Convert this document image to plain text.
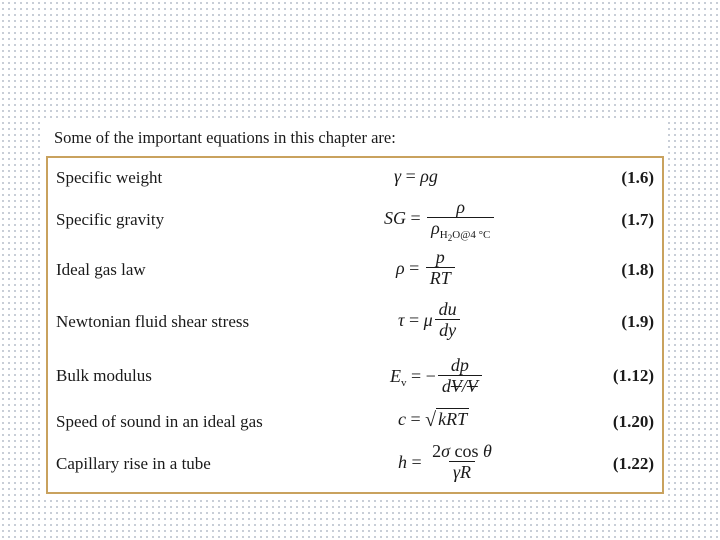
Some of the important equations in this chapter are:
Specific weight	γ = ρg	(1.6)
Specific gravity	SG = $\frac{\rho}{\rho_{H_2O@4 ^\circ C}}$	(1.7)
Ideal gas law	$\rho = \frac{p}{RT}$	(1.8)
Newtonian fluid shear stress	τ = μ $\frac{du}{dy}$	(1.9)
Bulk modulus	$E_v$ = − $\frac{dp}{dV/V}$	(1.12)
Speed of sound in an ideal gas	c = √ kRT	(1.20)
Capillary rise in a tube	$h = \frac{\text{2σ cos θ}}{\gamma R}$	(1.22)
